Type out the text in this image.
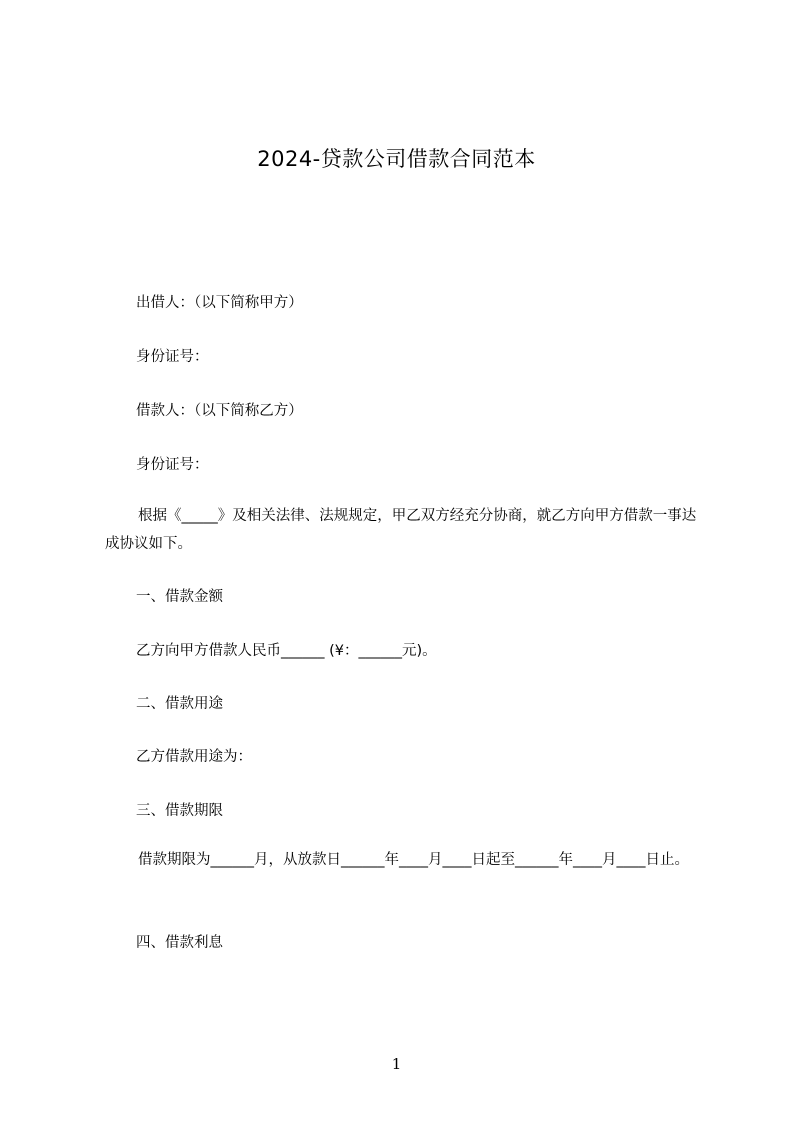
2024-贷款公司借款合同范本
出借人：（以下简称甲方）
身份证号：
借款人：（以下简称乙方）
身份证号：
根据《_____》及相关法律、法规规定，甲乙双方经充分协商，就乙方向甲方借款一事达成协议如下。
一、借款金额
乙方向甲方借款人民币______ (¥：______元)。
二、借款用途
乙方借款用途为：
三、借款期限
借款期限为______月，从放款日______年____月____日起至______年____月____日止。
四、借款利息
1
